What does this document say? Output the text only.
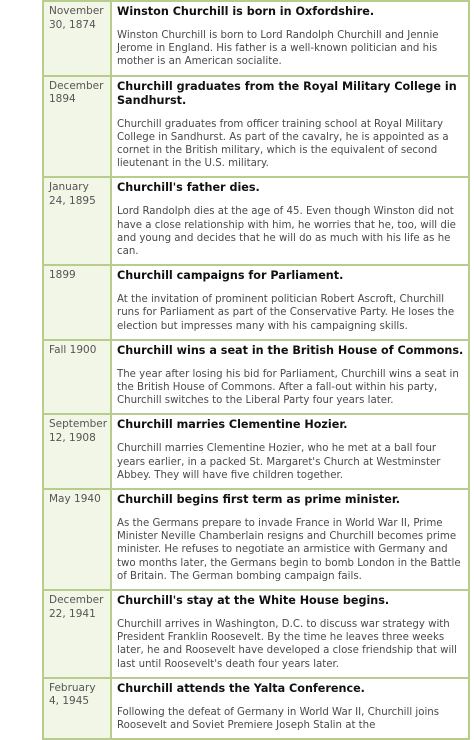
November 30, 1874	Winston Churchill is born in Oxfordshire.
Winston Churchill is born to Lord Randolph Churchill and Jennie Jerome in England. His father is a well-known politician and his mother is an American socialite.

December 1894	Churchill graduates from the Royal Military College in Sandhurst.
Churchill graduates from officer training school at Royal Military College in Sandhurst. As part of the cavalry, he is appointed as a cornet in the British military, which is the equivalent of second lieutenant in the U.S. military.

January 24, 1895	Churchill's father dies.
Lord Randolph dies at the age of 45. Even though Winston did not have a close relationship with him, he worries that he, too, will die and young and decides that he will do as much with his life as he can.

1899	Churchill campaigns for Parliament.
At the invitation of prominent politician Robert Ascroft, Churchill runs for Parliament as part of the Conservative Party. He loses the election but impresses many with his campaigning skills.

Fall 1900	Churchill wins a seat in the British House of Commons.
The year after losing his bid for Parliament, Churchill wins a seat in the British House of Commons. After a fall-out within his party, Churchill switches to the Liberal Party four years later.

September 12, 1908	Churchill marries Clementine Hozier.
Churchill marries Clementine Hozier, who he met at a ball four years earlier, in a packed St. Margaret's Church at Westminster Abbey. They will have five children together.

May 1940	Churchill begins first term as prime minister.
As the Germans prepare to invade France in World War II, Prime Minister Neville Chamberlain resigns and Churchill becomes prime minister. He refuses to negotiate an armistice with Germany and two months later, the Germans begin to bomb London in the Battle of Britain. The German bombing campaign fails.

December 22, 1941	Churchill's stay at the White House begins.
Churchill arrives in Washington, D.C. to discuss war strategy with President Franklin Roosevelt. By the time he leaves three weeks later, he and Roosevelt have developed a close friendship that will last until Roosevelt's death four years later.

February 4, 1945	Churchill attends the Yalta Conference.
Following the defeat of Germany in World War II, Churchill joins Roosevelt and Soviet Premiere Joseph Stalin at the
